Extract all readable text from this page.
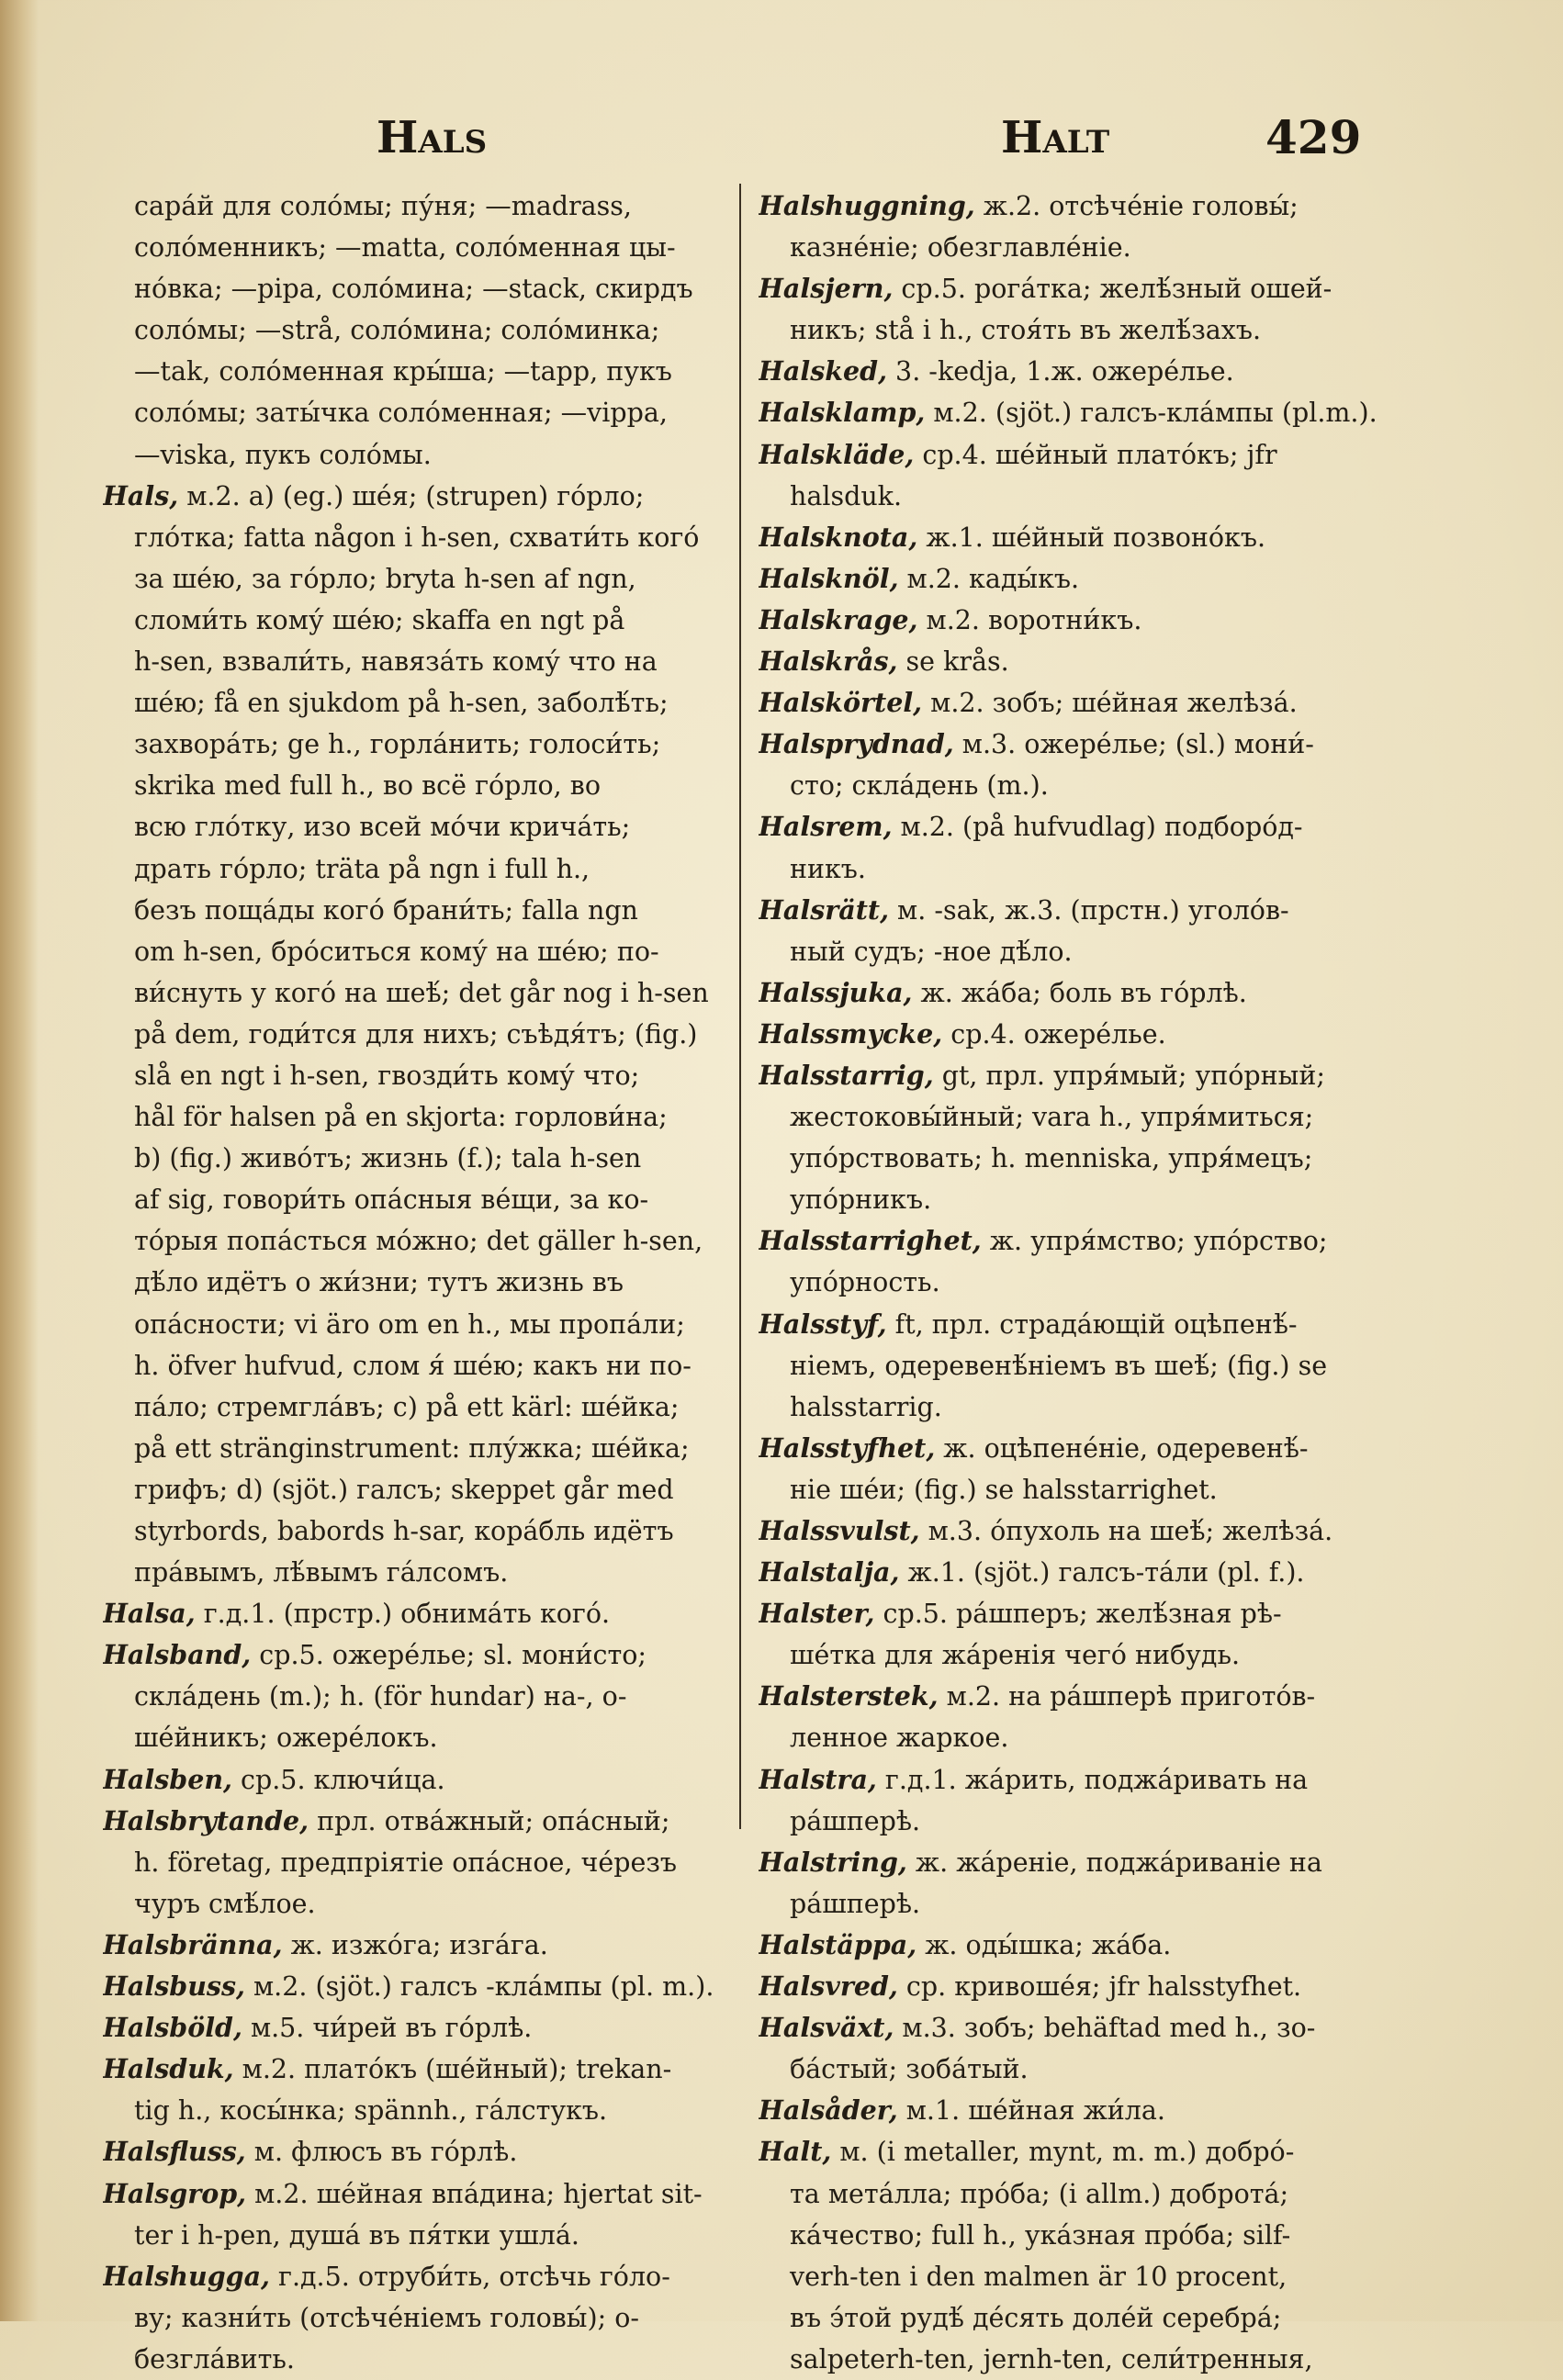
Hals	Halt	429
сара́й для соло́мы; пу́ня; —madrass,
соло́менникъ; —matta, соло́менная цы-
но́вка; —pipa, соло́мина; —stack, скирдъ
соло́мы; —strå, соло́мина; соло́минка;
—tak, соло́менная кры́ша; —tapp, пукъ
соло́мы; заты́чка соло́менная; —vippa,
—viska, пукъ соло́мы.
Hals, м.2. a) (eg.) ше́я; (strupen) го́рло;
гло́тка; fatta någon i h-sen, схвати́ть кого́
за ше́ю, за го́рло; bryta h-sen af ngn,
сломи́ть кому́ ше́ю; skaffa en ngt på
h-sen, взвали́ть, навяза́ть кому́ что на
ше́ю; få en sjukdom på h-sen, заболѣ́ть;
захвора́ть; ge h., горла́нить; голоси́ть;
skrika med full h., во всё го́рло, во
всю гло́тку, изо всей мо́чи крича́ть;
драть го́рло; träta på ngn i full h.,
безъ поща́ды кого́ брани́ть; falla ngn
om h-sen, бро́ситься кому́ на ше́ю; по-
ви́снуть у кого́ на шеѣ́; det går nog i h-sen
på dem, годи́тся для нихъ; съѣдя́тъ; (fig.)
slå en ngt i h-sen, гвозди́ть кому́ что;
hål för halsen på en skjorta: горлови́на;
b) (fig.) живо́тъ; жизнь (f.); tala h-sen
af sig, говори́ть опа́сныя ве́щи, за ко-
то́рыя попа́сться мо́жно; det gäller h-sen,
дѣ́ло идётъ о жи́зни; тутъ жизнь въ
опа́сности; vi äro om en h., мы пропа́ли;
h. öfver hufvud, слом я́ ше́ю; какъ ни по-
па́ло; стремгла́въ; c) på ett kärl: ше́йка;
på ett stränginstrument: плу́жка; ше́йка;
грифъ; d) (sjöt.) галсъ; skeppet går med
styrbords, babords h-sar, кора́бль идётъ
пра́вымъ, лѣ́вымъ га́лсомъ.
Halsa, г.д.1. (прстр.) обнима́ть кого́.
Halsband, ср.5. ожере́лье; sl. мони́сто;
скла́день (m.); h. (för hundar) на-, о-
ше́йникъ; ожере́локъ.
Halsben, ср.5. ключи́ца.
Halsbrytande, прл. отва́жный; опа́сный;
h. företag, предпріятіе опа́сное, че́резъ
чуръ смѣ́лое.
Halsbränna, ж. изжо́га; изга́га.
Halsbuss, м.2. (sjöt.) галсъ -кла́мпы (pl. m.).
Halsböld, м.5. чи́рей въ го́рлѣ.
Halsduk, м.2. плато́къ (ше́йный); trekan-
tig h., косы́нка; spännh., га́лстукъ.
Halsfluss, м. флюсъ въ го́рлѣ.
Halsgrop, м.2. ше́йная впа́дина; hjertat sit-
ter i h-pen, душа́ въ пя́тки ушла́.
Halshugga, г.д.5. отруби́ть, отсѣчь го́ло-
ву; казни́ть (отсѣче́ніемъ головы́); о-
безгла́вить.
Halshuggning, ж.2. отсѣче́ніе головы́;
казне́ніе; обезглавле́ніе.
Halsjern, ср.5. рога́тка; желѣ́зный ошей́-
никъ; stå i h., стоя́ть въ желѣ́захъ.
Halsked, 3. -kedja, 1.ж. ожере́лье.
Halsklamp, м.2. (sjöt.) галсъ-кла́мпы (pl.m.).
Halskläde, ср.4. ше́йный плато́къ; jfr
halsduk.
Halsknota, ж.1. ше́йный позвоно́къ.
Halsknöl, м.2. кады́къ.
Halskrage, м.2. воротни́къ.
Halskrås, se krås.
Halskörtel, м.2. зобъ; ше́йная желѣза́.
Halsprydnad, м.3. ожере́лье; (sl.) мони́-
сто; скла́день (m.).
Halsrem, м.2. (på hufvudlag) подборо́д-
никъ.
Halsrätt, м. -sak, ж.3. (прстн.) уголо́в-
ный судъ; -ное дѣ́ло.
Halssjuka, ж. жа́ба; боль въ го́рлѣ.
Halssmycke, ср.4. ожере́лье.
Halsstarrig, gt, прл. упря́мый; упо́рный;
жестоковы́йный; vara h., упря́миться;
упо́рствовать; h. menniska, упря́мецъ;
упо́рникъ.
Halsstarrighet, ж. упря́мство; упо́рство;
упо́рность.
Halsstyf, ft, прл. страда́ющій оцѣпенѣ́-
ніемъ, одеревенѣ́ніемъ въ шеѣ́; (fig.) se
halsstarrig.
Halsstyfhet, ж. оцѣпене́ніе, одеревенѣ́-
ніе ше́и; (fig.) se halsstarrighet.
Halssvulst, м.3. о́пухоль на шеѣ́; желѣза́.
Halstalja, ж.1. (sjöt.) галсъ-та́ли (pl. f.).
Halster, ср.5. ра́шперъ; желѣ́зная рѣ-
ше́тка для жа́ренія чего́ нибудь.
Halsterstek, м.2. на ра́шперѣ пригото́в-
ленное жаркое.
Halstra, г.д.1. жа́рить, поджа́ривать на
ра́шперѣ.
Halstring, ж. жа́реніе, поджа́риваніе на
ра́шперѣ.
Halstäppa, ж. оды́шка; жа́ба.
Halsvred, ср. кривоше́я; jfr halsstyfhet.
Halsväxt, м.3. зобъ; behäftad med h., зо-
ба́стый; зоба́тый.
Halsåder, м.1. ше́йная жи́ла.
Halt, м. (i metaller, mynt, m. m.) добро́-
та мета́лла; про́ба; (i allm.) доброта́;
ка́чество; full h., ука́зная про́ба; silf-
verh-ten i den malmen är 10 procent,
въ э́той рудѣ́ де́сять доле́й серебра́;
salpeterh-ten, jernh-ten, сели́тренныя,
